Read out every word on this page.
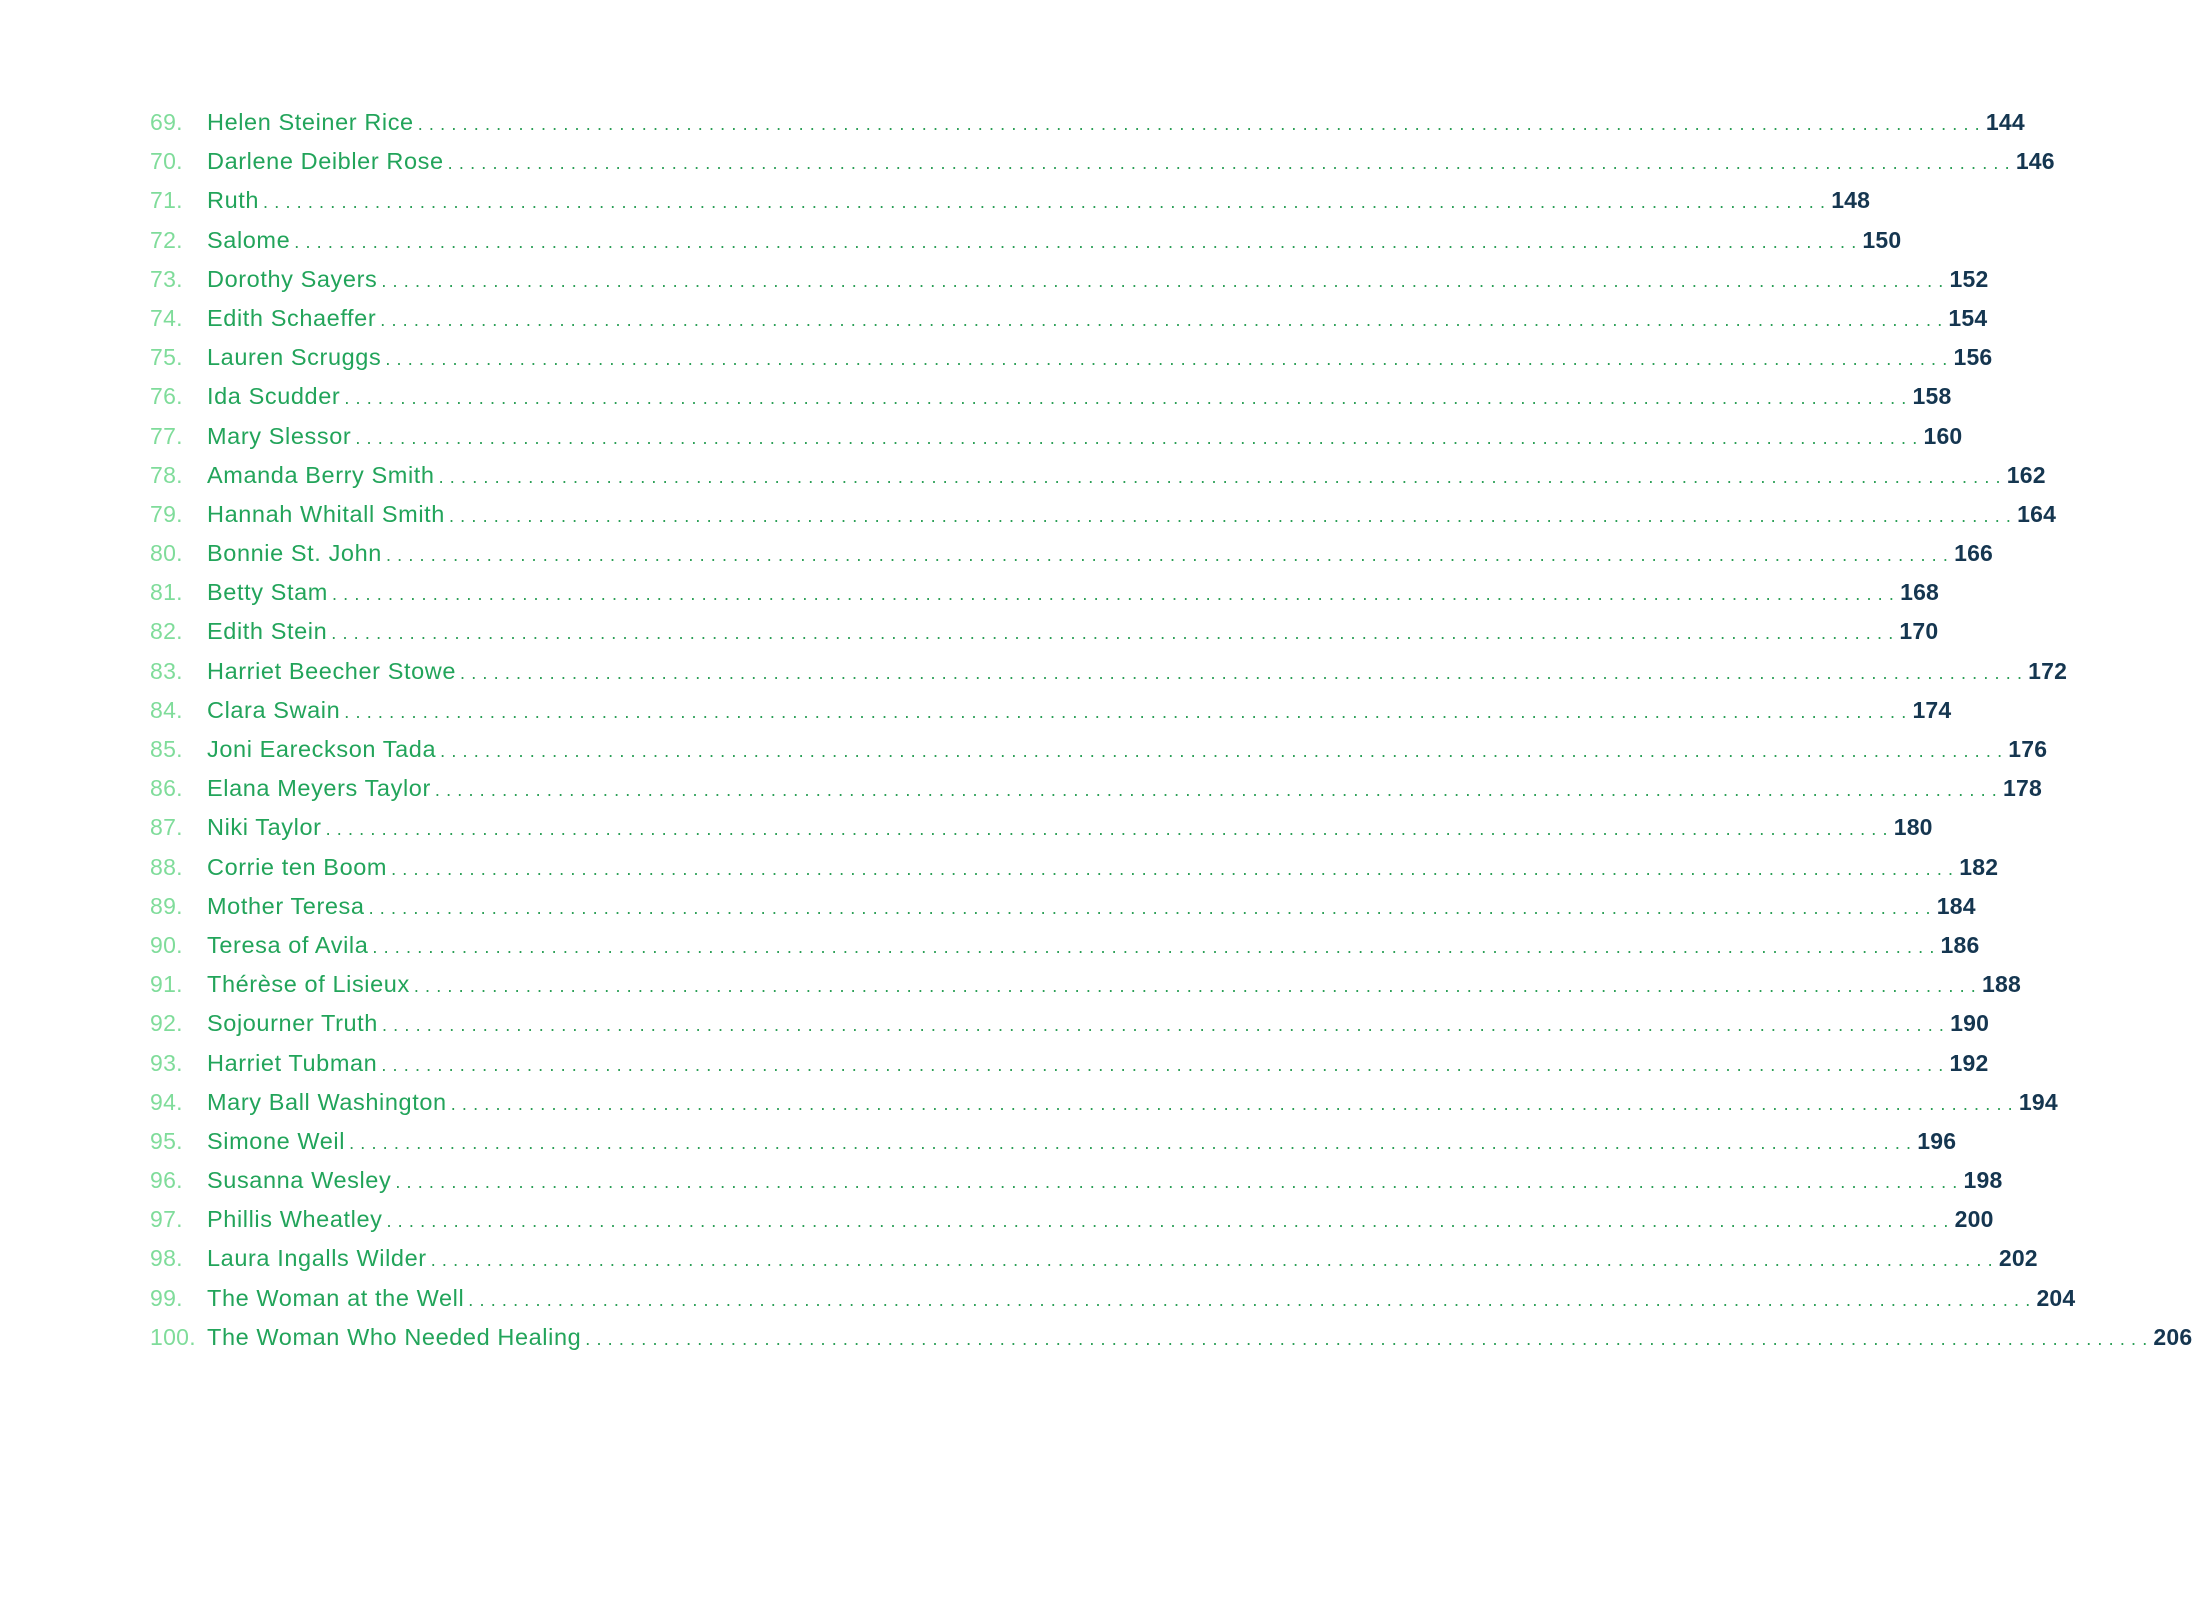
69. Helen Steiner Rice ............................................................................................................................................ 144
70. Darlene Deibler Rose ............................................................................................................................................ 146
71. Ruth ............................................................................................................................................ 148
72. Salome ............................................................................................................................................ 150
73. Dorothy Sayers ............................................................................................................................................ 152
74. Edith Schaeffer ............................................................................................................................................ 154
75. Lauren Scruggs ............................................................................................................................................ 156
76. Ida Scudder ............................................................................................................................................ 158
77. Mary Slessor ............................................................................................................................................ 160
78. Amanda Berry Smith ............................................................................................................................................ 162
79. Hannah Whitall Smith ............................................................................................................................................ 164
80. Bonnie St. John ............................................................................................................................................ 166
81. Betty Stam ............................................................................................................................................ 168
82. Edith Stein ............................................................................................................................................ 170
83. Harriet Beecher Stowe ............................................................................................................................................ 172
84. Clara Swain ............................................................................................................................................ 174
85. Joni Eareckson Tada ............................................................................................................................................ 176
86. Elana Meyers Taylor ............................................................................................................................................ 178
87. Niki Taylor ............................................................................................................................................ 180
88. Corrie ten Boom ............................................................................................................................................ 182
89. Mother Teresa ............................................................................................................................................ 184
90. Teresa of Avila ............................................................................................................................................ 186
91. Thérèse of Lisieux ............................................................................................................................................ 188
92. Sojourner Truth ............................................................................................................................................ 190
93. Harriet Tubman ............................................................................................................................................ 192
94. Mary Ball Washington ............................................................................................................................................ 194
95. Simone Weil ............................................................................................................................................ 196
96. Susanna Wesley ............................................................................................................................................ 198
97. Phillis Wheatley ............................................................................................................................................ 200
98. Laura Ingalls Wilder ............................................................................................................................................ 202
99. The Woman at the Well ............................................................................................................................................ 204
100. The Woman Who Needed Healing ............................................................................................................................................ 206
